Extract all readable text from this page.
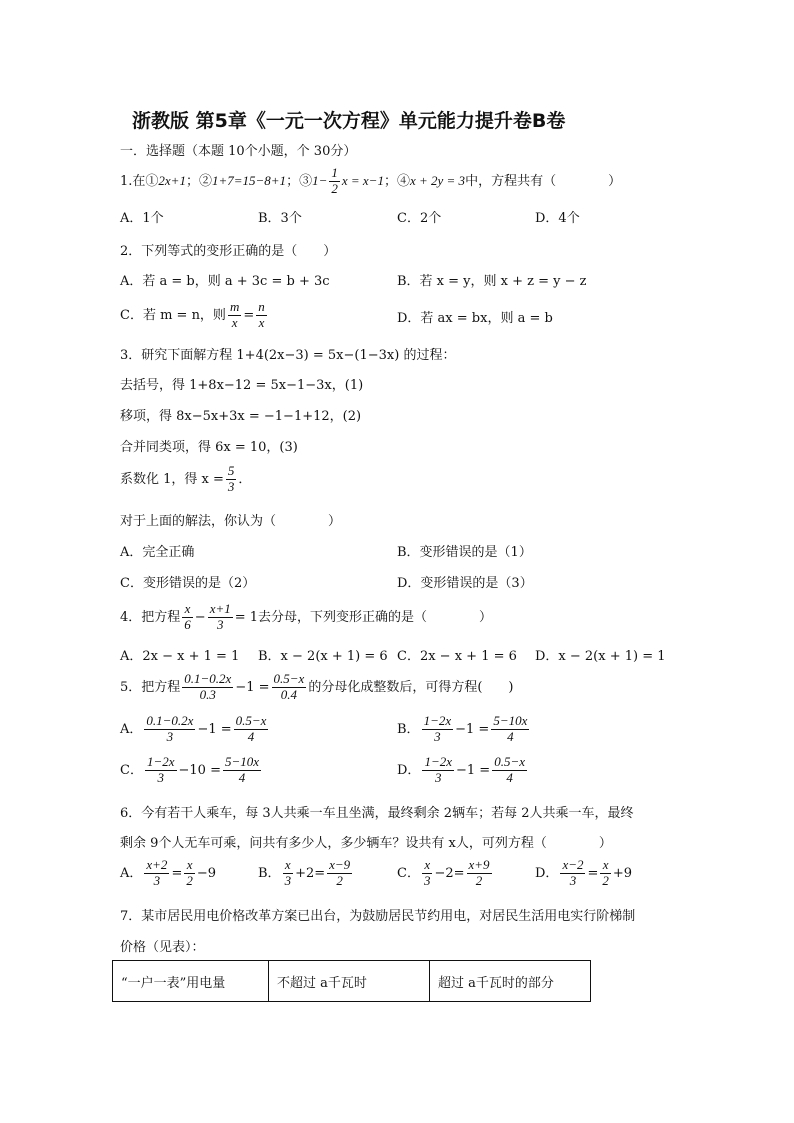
浙教版 第5章《一元一次方程》单元能力提升卷B卷
一．选择题（本题 10个小题，个 30分）
1.在①2x+1；②1+7=15−8+1；③1− $\frac{1}{2}$ x = x−1；④x + 2y = 3中，方程共有（　　　　）
A．1个	B．3个	C．2个	D．4个
2．下列等式的变形正确的是（　　）
A．若 a = b，则 a + 3c = b + 3c	B．若 x = y，则 x + z = y − z
C．若 m = n，则 $\frac{m}{x} = \frac{n}{x}$	D．若 ax = bx，则 a = b
3．研究下面解方程 1+4(2x−3) = 5x−(1−3x) 的过程：
去括号，得 1+8x−12 = 5x−1−3x，(1)
移项，得 8x−5x+3x = −1−1+12，(2)
合并同类项，得 6x = 10，(3)
系数化 1，得 $x = \frac{5}{3}$ ．
对于上面的解法，你认为（　　　　）
A．完全正确	B．变形错误的是（1）
C．变形错误的是（2）	D．变形错误的是（3）
4．把方程 $\frac{x}{6} - \frac{x+1}{3} = 1$去分母，下列变形正确的是（　　　　）
A．2x − x + 1 = 1 B．x − 2(x + 1) = 6 C．2x − x + 1 = 6 D．x − 2(x + 1) = 1
5．把方程 $\frac{0.1-0.2x}{0.3} -1 = \frac{0.5-x}{0.4}$ 的分母化成整数后，可得方程(　　)
A． $\frac{0.1-0.2x}{3} -1 = \frac{0.5-x}{4}$	B． $\frac{1-2x}{3} -1 = \frac{5-10x}{4}$
C． $\frac{1-2x}{3} -10 = \frac{5-10x}{4}$	D． $\frac{1-2x}{3} -1 = \frac{0.5-x}{4}$
6．今有若干人乘车，每 3人共乘一车且坐满，最终剩余 2辆车；若每 2人共乘一车，最终
剩余 9个人无车可乘，问共有多少人，多少辆车？设共有 x人，可列方程（　　　　）
A． $\frac{x+2}{3} = \frac{x}{2} -9$	B． $\frac{x}{3} +2= \frac{x-9}{2}$	C． $\frac{x}{3} -2= \frac{x+9}{2}$	D． $\frac{x-2}{3} = \frac{x}{2} +9$
7．某市居民用电价格改革方案已出台，为鼓励居民节约用电，对居民生活用电实行阶梯制
价格（见表）：
“一户一表”用电量	不超过 a千瓦时	超过 a千瓦时的部分
